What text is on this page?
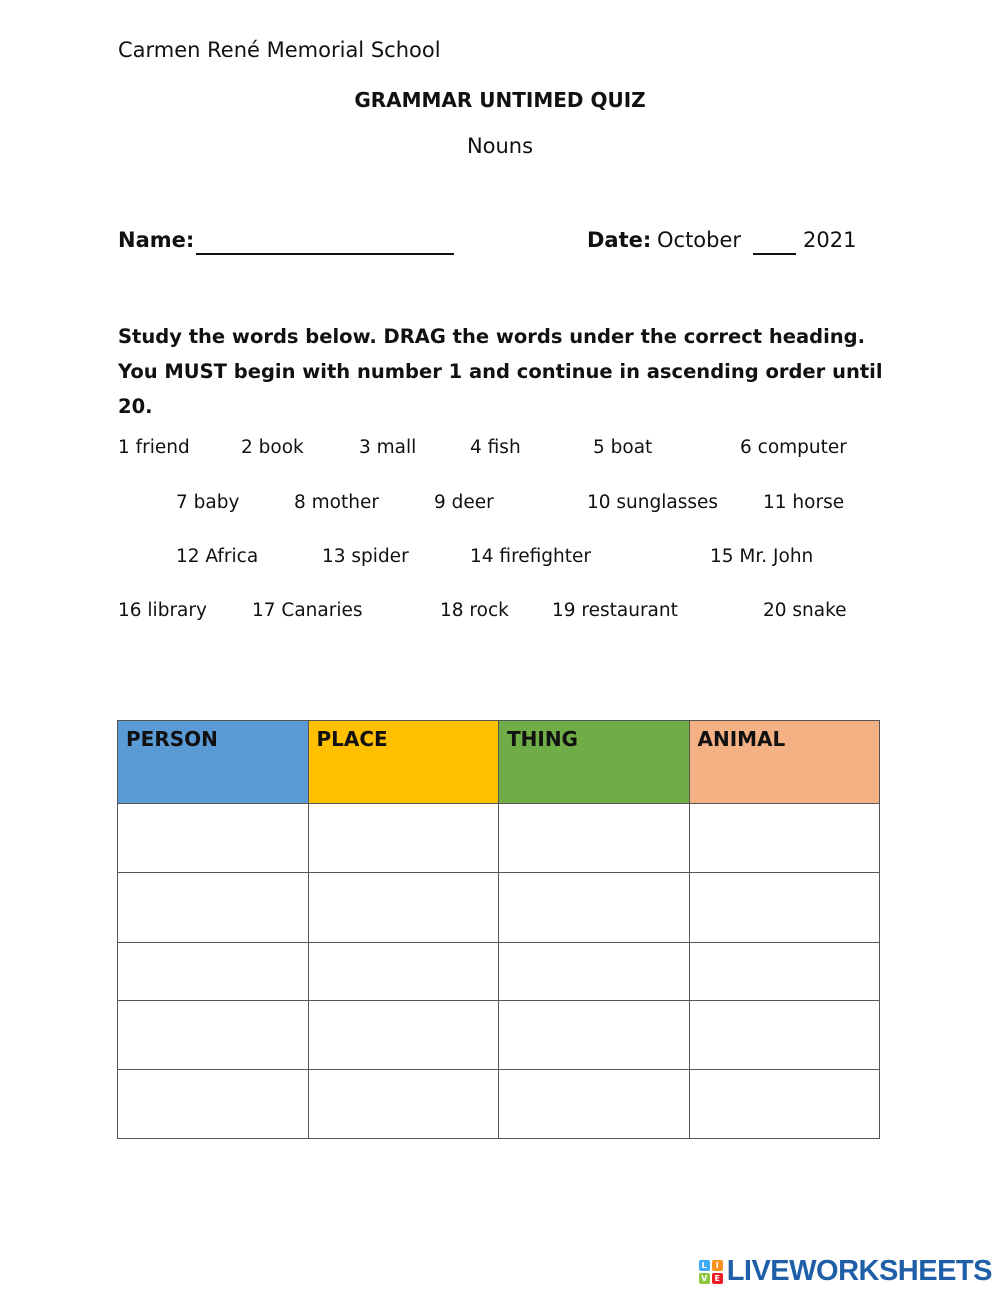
Carmen René Memorial School
GRAMMAR UNTIMED QUIZ
Nouns
Name:	Date: October	2021
Study the words below. DRAG the words under the correct heading. You MUST begin with number 1 and continue in ascending order until 20.
1 friend	2 book	3 mall	4 fish	5 boat	6 computer
7 baby	8 mother	9 deer	10 sunglasses 11 horse
12 Africa	13 spider	14 firefighter	15 Mr. John
16 library 17 Canaries	18 rock 19 restaurant	20 snake
PERSON	PLACE	THING	ANIMAL

L	I
V E LIVEWORKSHEETS
